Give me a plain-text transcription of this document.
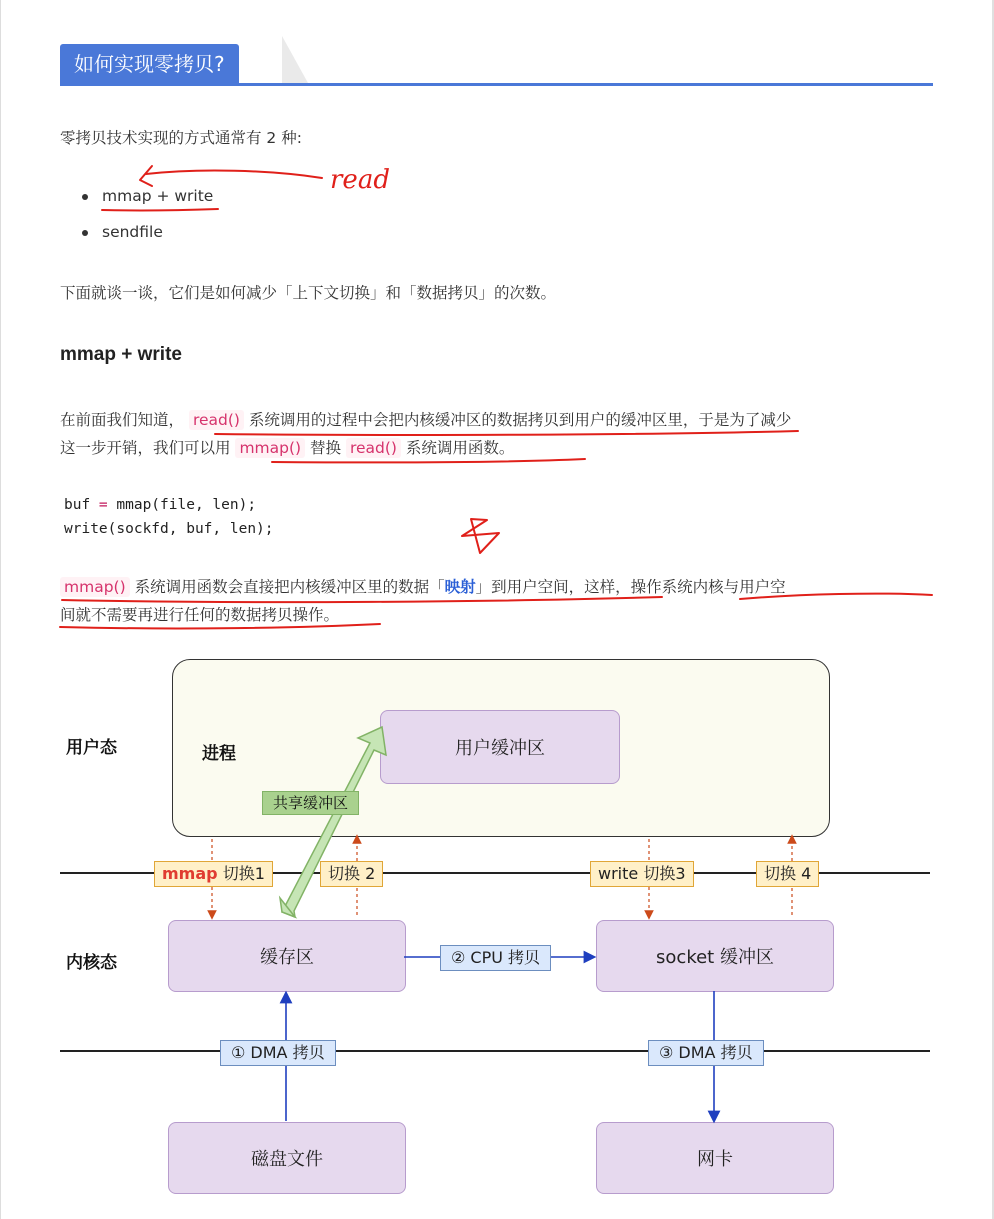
如何实现零拷贝?
零拷贝技术实现的方式通常有 2 种:
mmap + write
sendfile
下面就谈一谈，它们是如何减少「上下文切换」和「数据拷贝」的次数。
mmap + write
在前面我们知道， read() 系统调用的过程中会把内核缓冲区的数据拷贝到用户的缓冲区里，于是为了减少
这一步开销，我们可以用 mmap() 替换 read() 系统调用函数。
buf = mmap(file, len);
write(sockfd, buf, len);
mmap() 系统调用函数会直接把内核缓冲区里的数据「映射」到用户空间，这样，操作系统内核与用户空
间就不需要再进行任何的数据拷贝操作。
read
用户态
内核态
进程	用户缓冲区
缓存区	socket 缓冲区
磁盘文件	网卡
共享缓冲区
mmap 切换1	切换 2	write 切换3	切换 4
② CPU 拷贝
① DMA 拷贝	③ DMA 拷贝
